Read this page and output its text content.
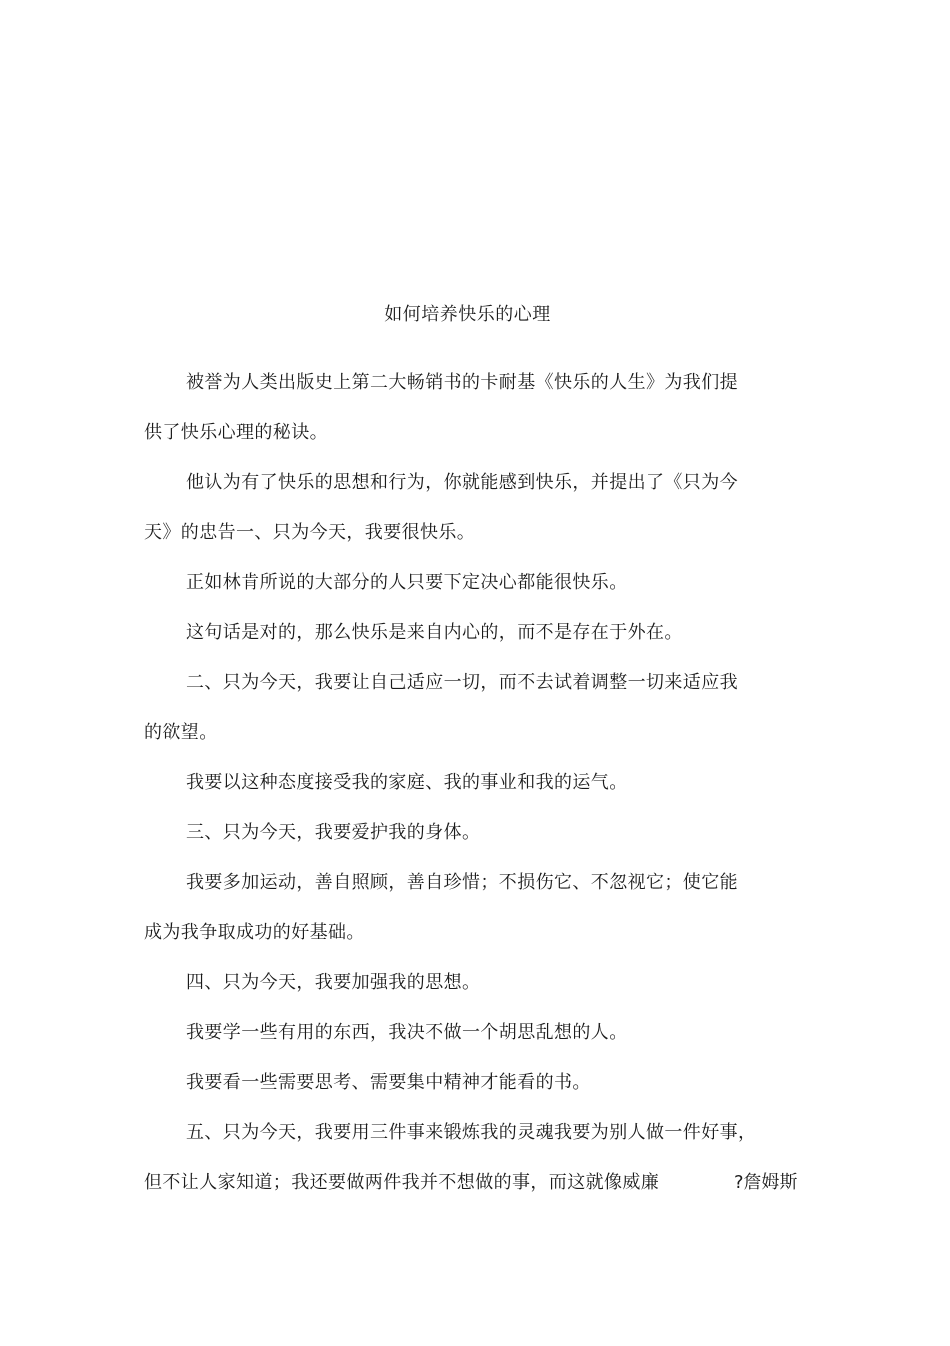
如何培养快乐的心理
被誉为人类出版史上第二大畅销书的卡耐基《快乐的人生》为我们提
供了快乐心理的秘诀。
他认为有了快乐的思想和行为，你就能感到快乐，并提出了《只为今
天》的忠告一、只为今天，我要很快乐。
正如林肯所说的大部分的人只要下定决心都能很快乐。
这句话是对的，那么快乐是来自内心的，而不是存在于外在。
二、只为今天，我要让自己适应一切，而不去试着调整一切来适应我
的欲望。
我要以这种态度接受我的家庭、我的事业和我的运气。
三、只为今天，我要爱护我的身体。
我要多加运动，善自照顾，善自珍惜；不损伤它、不忽视它；使它能
成为我争取成功的好基础。
四、只为今天，我要加强我的思想。
我要学一些有用的东西，我决不做一个胡思乱想的人。
我要看一些需要思考、需要集中精神才能看的书。
五、只为今天，我要用三件事来锻炼我的灵魂我要为别人做一件好事，
但不让人家知道；我还要做两件我并不想做的事，而这就像威廉	?詹姆斯
